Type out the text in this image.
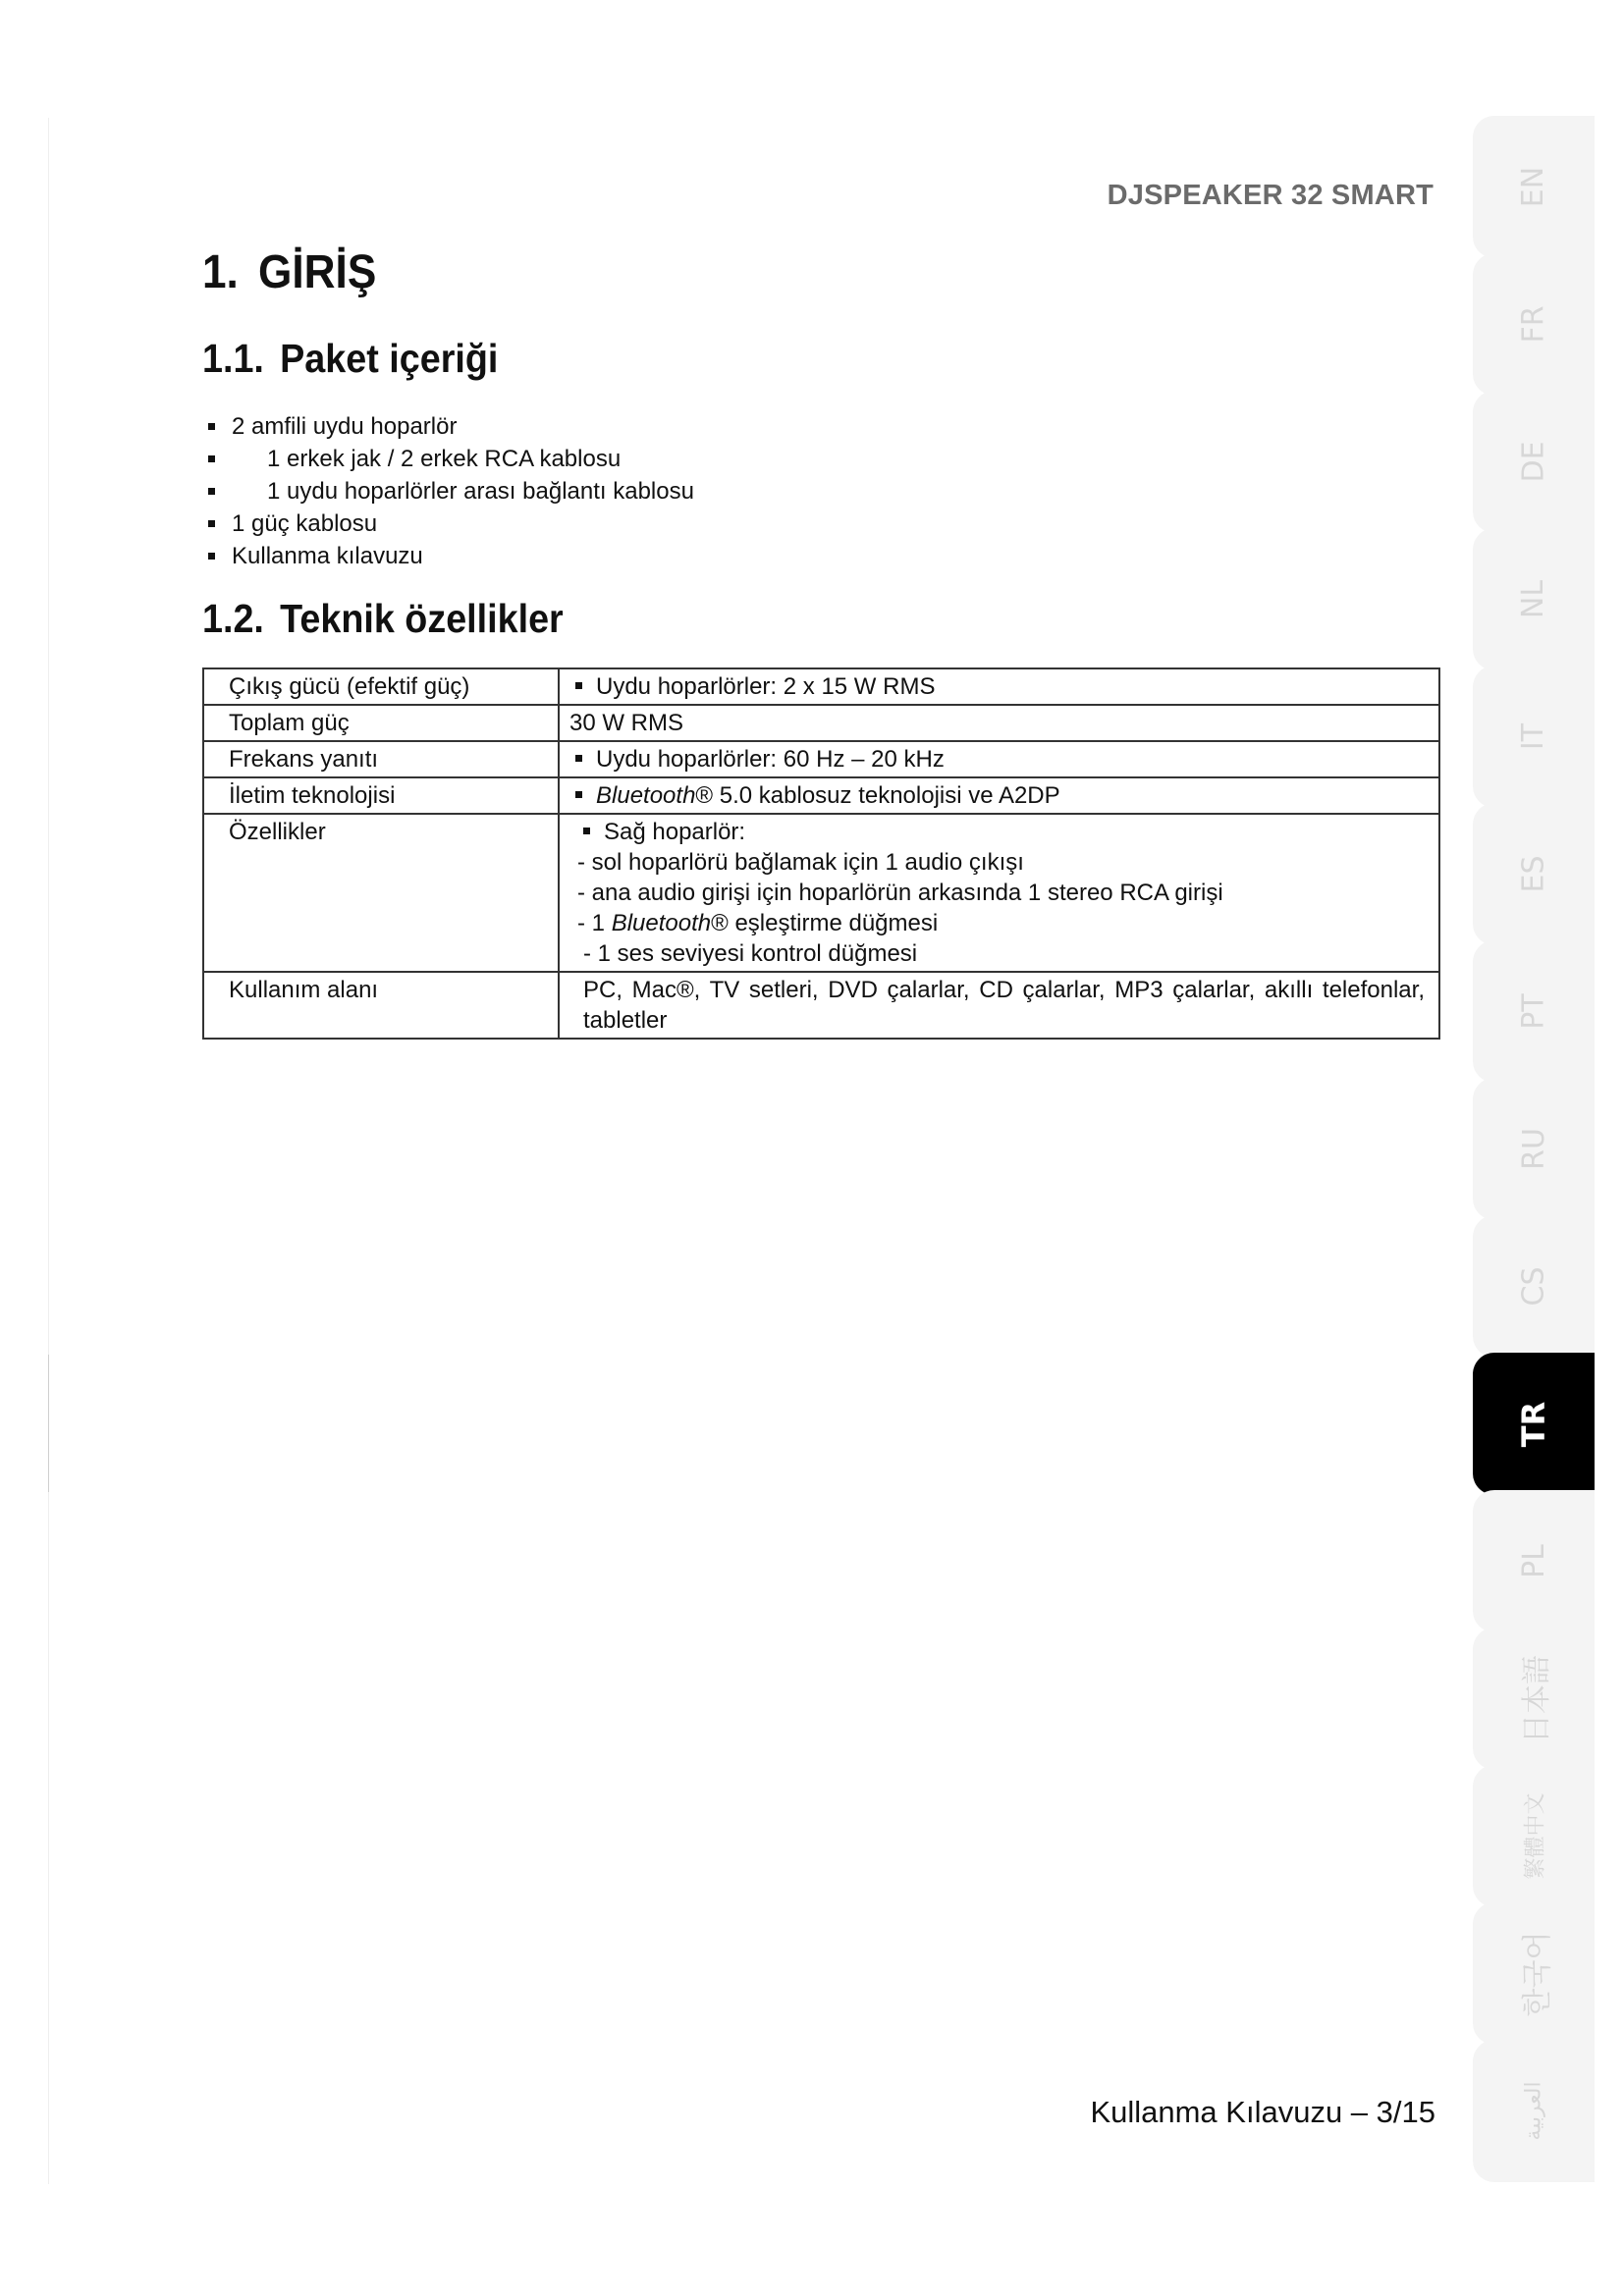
DJSPEAKER 32 SMART
1. GİRİŞ
1.1. Paket içeriği
2 amfili uydu hoparlör
1 erkek jak / 2 erkek RCA kablosu
1 uydu hoparlörler arası bağlantı kablosu
1 güç kablosu
Kullanma kılavuzu
1.2. Teknik özellikler
Çıkış gücü (efektif güç)	Uydu hoparlörler: 2 x 15 W RMS
Toplam güç	30 W RMS
Frekans yanıtı	Uydu hoparlörler: 60 Hz – 20 kHz
İletim teknolojisi	Bluetooth® 5.0 kablosuz teknolojisi ve A2DP
Özellikler	Sağ hoparlör:
- sol hoparlörü bağlamak için 1 audio çıkışı
- ana audio girişi için hoparlörün arkasında 1 stereo RCA girişi
- 1 Bluetooth® eşleştirme düğmesi
- 1 ses seviyesi kontrol düğmesi

Kullanım alanı	PC, Mac®, TV setleri, DVD çalarlar, CD çalarlar, MP3 çalarlar, akıllı telefonlar, tabletler
Kullanma Kılavuzu – 3/15
EN
FR
DE
NL
IT
ES
PT
RU
CS
TR
PL
日本語
繁體中文
한국어
العربية
